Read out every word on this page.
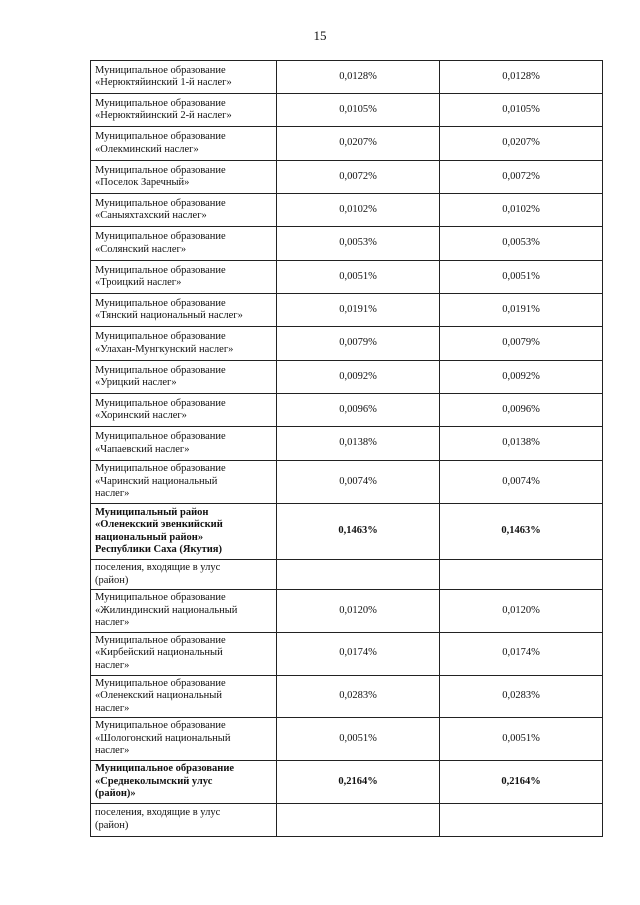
15
Муниципальное образование
«Нерюктяйинский 1-й наслег»	0,0128%	0,0128%

Муниципальное образование
«Нерюктяйинский 2-й наслег»	0,0105%	0,0105%

Муниципальное образование
«Олекминский наслег»	0,0207%	0,0207%

Муниципальное образование
«Поселок Заречный»	0,0072%	0,0072%

Муниципальное образование
«Саныяхтахский наслег»	0,0102%	0,0102%

Муниципальное образование
«Солянский наслег»	0,0053%	0,0053%

Муниципальное образование
«Троицкий наслег»	0,0051%	0,0051%

Муниципальное образование
«Тянский национальный наслег»	0,0191%	0,0191%

Муниципальное образование
«Улахан-Мунгкунский наслег»	0,0079%	0,0079%

Муниципальное образование
«Урицкий наслег»	0,0092%	0,0092%

Муниципальное образование
«Хоринский наслег»	0,0096%	0,0096%

Муниципальное образование
«Чапаевский наслег»	0,0138%	0,0138%

Муниципальное образование
«Чаринский национальный
наслег»	0,0074%	0,0074%

Муниципальный район
«Оленекский эвенкийский
национальный район»
Республики Саха (Якутия)	0,1463%	0,1463%

поселения, входящие в улус
(район)		

Муниципальное образование
«Жилиндинский национальный
наслег»	0,0120%	0,0120%

Муниципальное образование
«Кирбейский национальный
наслег»	0,0174%	0,0174%

Муниципальное образование
«Оленекский национальный
наслег»	0,0283%	0,0283%

Муниципальное образование
«Шологонский национальный
наслег»	0,0051%	0,0051%

Муниципальное образование
«Среднеколымский улус
(район)»	0,2164%	0,2164%

поселения, входящие в улус
(район)		
